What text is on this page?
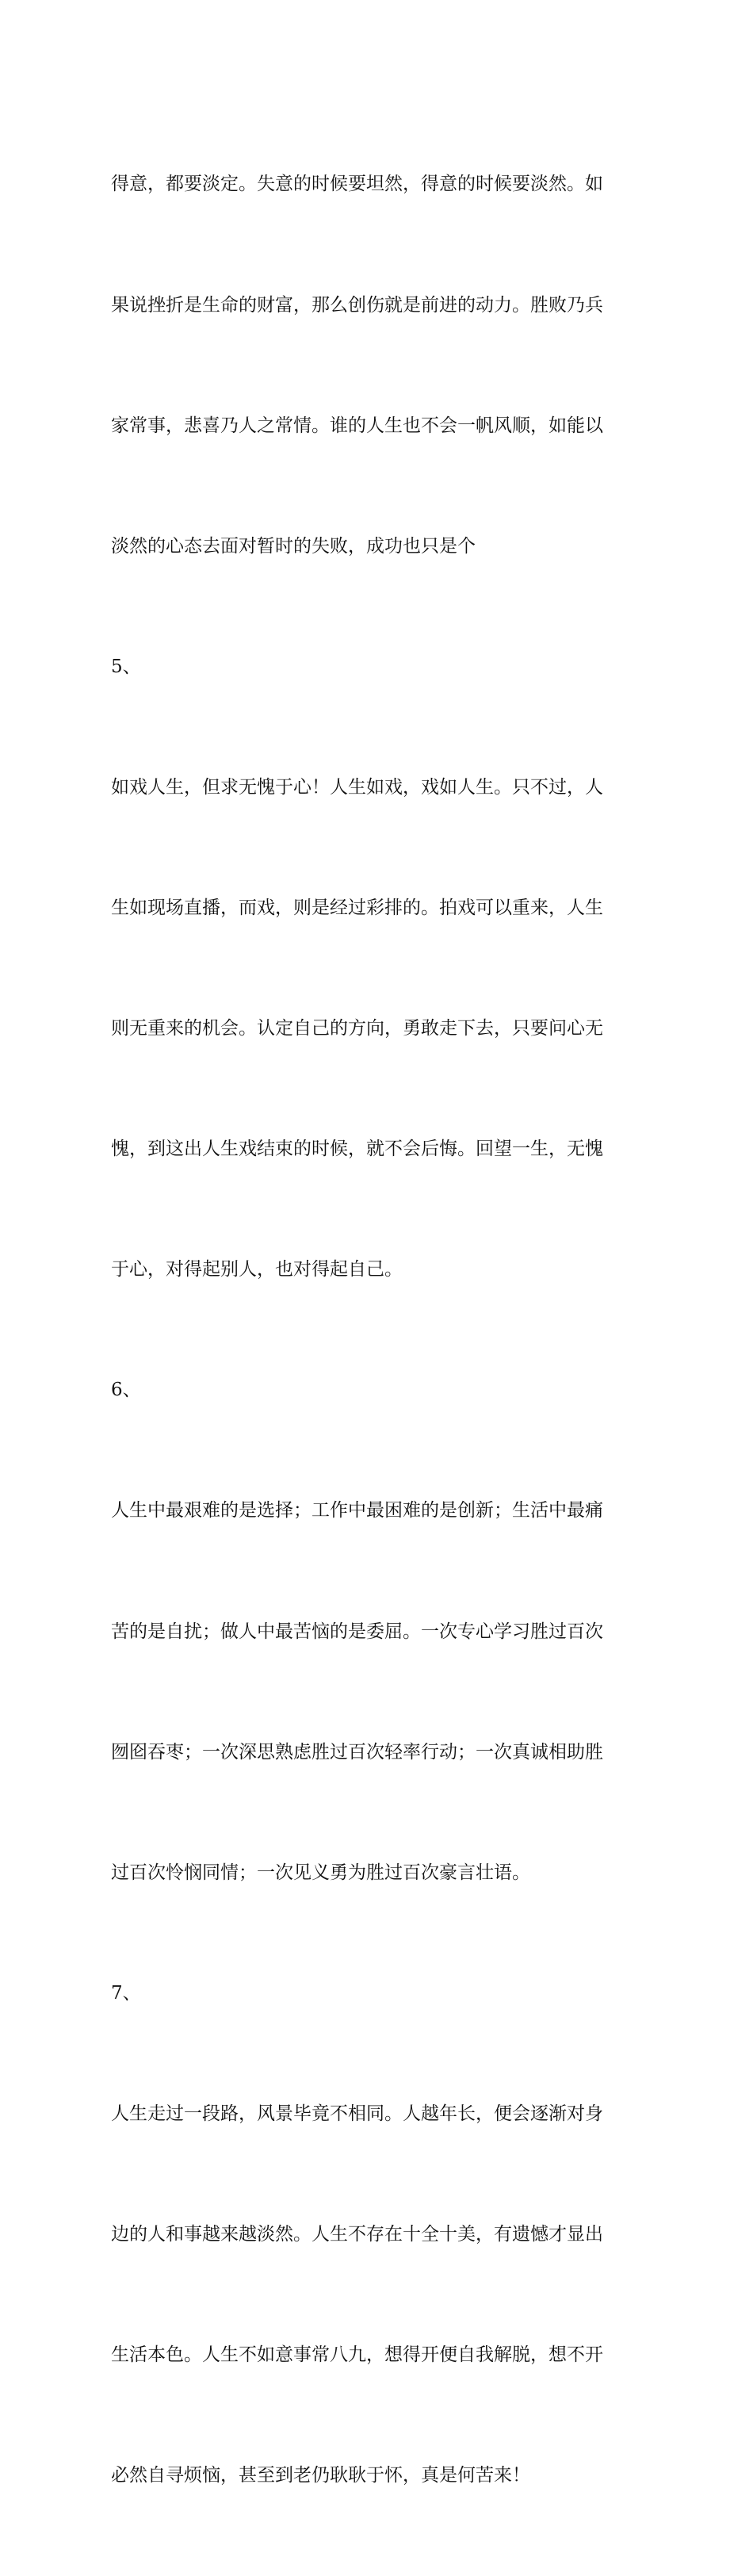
得意，都要淡定。失意的时候要坦然，得意的时候要淡然。如

果说挫折是生命的财富，那么创伤就是前进的动力。胜败乃兵

家常事，悲喜乃人之常情。谁的人生也不会一帆风顺，如能以

淡然的心态去面对暂时的失败，成功也只是个

5、

如戏人生，但求无愧于心！人生如戏，戏如人生。只不过，人

生如现场直播，而戏，则是经过彩排的。拍戏可以重来，人生

则无重来的机会。认定自己的方向，勇敢走下去，只要问心无

愧，到这出人生戏结束的时候，就不会后悔。回望一生，无愧

于心，对得起别人，也对得起自己。

6、

人生中最艰难的是选择；工作中最困难的是创新；生活中最痛

苦的是自扰；做人中最苦恼的是委屈。一次专心学习胜过百次

囫囵吞枣；一次深思熟虑胜过百次轻率行动；一次真诚相助胜

过百次怜悯同情；一次见义勇为胜过百次豪言壮语。

7、

人生走过一段路，风景毕竟不相同。人越年长，便会逐渐对身

边的人和事越来越淡然。人生不存在十全十美，有遗憾才显出

生活本色。人生不如意事常八九，想得开便自我解脱，想不开

必然自寻烦恼，甚至到老仍耿耿于怀，真是何苦来！
